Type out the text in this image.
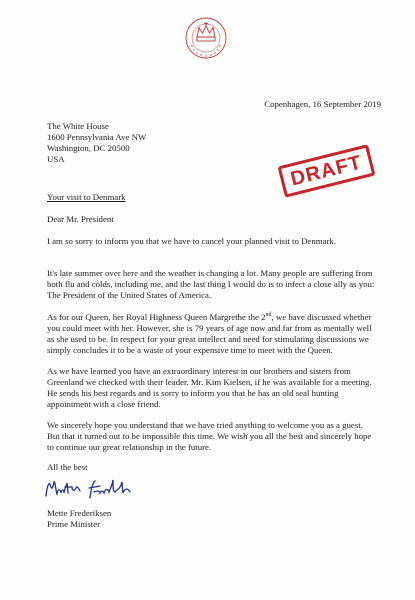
Copenhagen, 16 September 2019
The White House
1600 Pennsylvania Ave NW
Washington, DC 20500
USA	DRAFT
Your visit to Denmark
Dear Mr. President

I am so sorry to inform you that we have to cancel your planned visit to Denmark.

It's late summer over here and the weather is changing a lot. Many people are suffering from both flu and colds, including me, and the last thing I would do is to infect a close ally as you: The President of the United States of America.

As for our Queen, her Royal Highness Queen Margrethe the 2nd, we have discussed whether you could meet with her. However, she is 79 years of age now and far from as mentally well as she used to be. In respect for your great intellect and need for stimulating discussions we simply concludes it to be a waste of your expensive time to meet with the Queen.

As we have learned you have an extraordinary interest in our brothers and sisters from Greenland we checked with their leader. Mr. Kim Kielsen, if he was available for a meeting. He sends his best regards and is sorry to inform you that he has an old seal hunting appointment with a close friend.

We sincerely hope you understand that we have tried anything to welcome you as a guest. But that it turned out to be impossible this time. We wish you all the best and sincerely hope to continue our great relationship in the future.

All the best
Mette Frederiksen
Prime Minister
